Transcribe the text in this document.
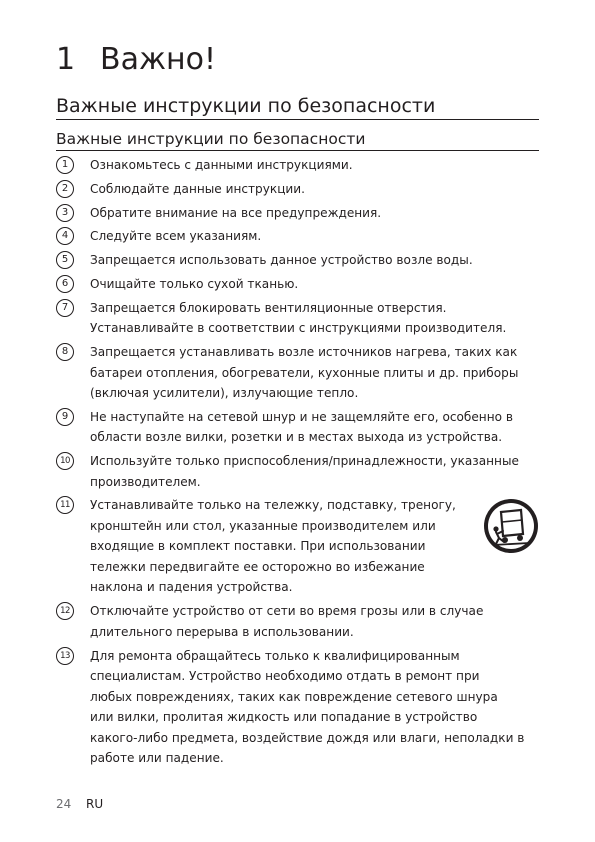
1 Важно!
Важные инструкции по безопасности
Важные инструкции по безопасности
1	Ознакомьтесь с данными инструкциями.
2	Соблюдайте данные инструкции.
3	Обратите внимание на все предупреждения.
4	Следуйте всем указаниям.
5	Запрещается использовать данное устройство возле воды.
6	Очищайте только сухой тканью.
7	Запрещается блокировать вентиляционные отверстия.
Устанавливайте в соответствии с инструкциями производителя.
8	Запрещается устанавливать возле источников нагрева, таких как
батареи отопления, обогреватели, кухонные плиты и др. приборы
(включая усилители), излучающие тепло.
9	Не наступайте на сетевой шнур и не защемляйте его, особенно в
области возле вилки, розетки и в местах выхода из устройства.
10	Используйте только приспособления/принадлежности, указанные
производителем.
11	Устанавливайте только на тележку, подставку, треногу,
кронштейн или стол, указанные производителем или
входящие в комплект поставки. При использовании
тележки передвигайте ее осторожно во избежание
наклона и падения устройства.
12	Отключайте устройство от сети во время грозы или в случае
длительного перерыва в использовании.
13	Для ремонта обращайтесь только к квалифицированным
специалистам. Устройство необходимо отдать в ремонт при
любых повреждениях, таких как повреждение сетевого шнура
или вилки, пролитая жидкость или попадание в устройство
какого-либо предмета, воздействие дождя или влаги, неполадки в
работе или падение.
24	RU
